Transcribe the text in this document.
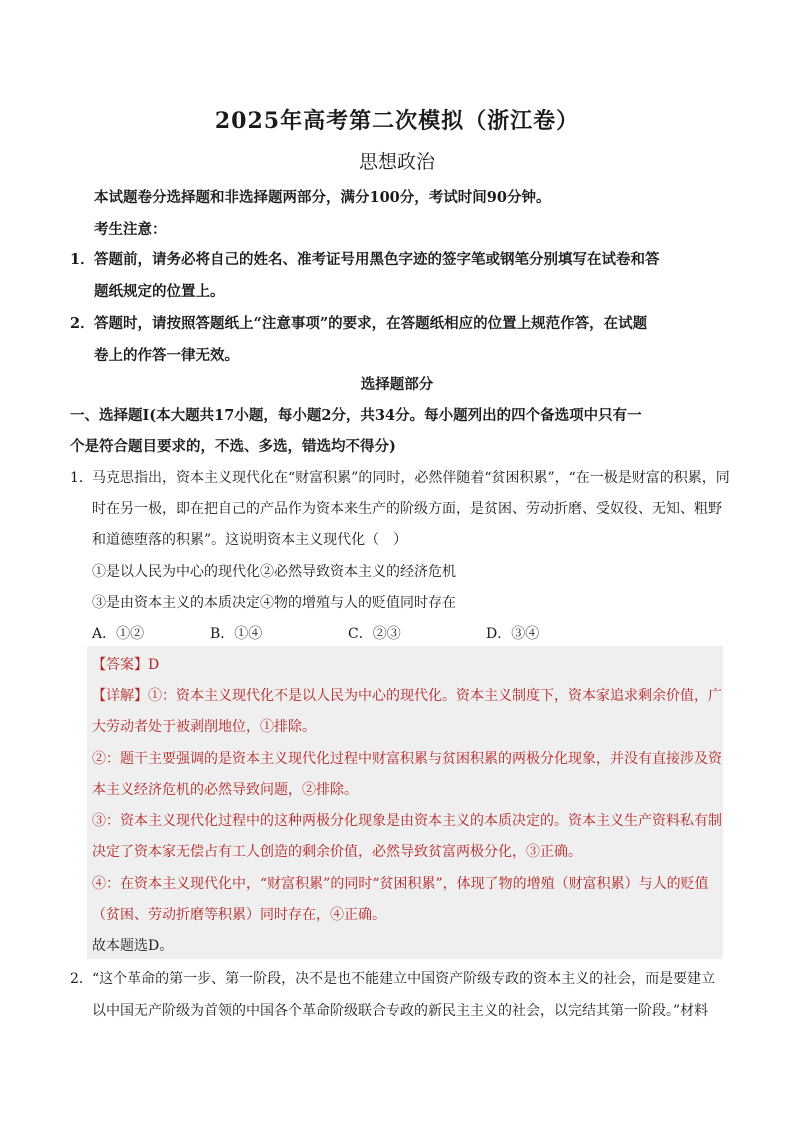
2025年高考第二次模拟（浙江卷）
思想政治
本试题卷分选择题和非选择题两部分，满分100分，考试时间90分钟。
考生注意：
1． 答题前，请务必将自己的姓名、准考证号用黑色字迹的签字笔或钢笔分别填写在试卷和答
题纸规定的位置上。
2． 答题时，请按照答题纸上“注意事项”的要求，在答题纸相应的位置上规范作答，在试题
卷上的作答一律无效。
选择题部分
一、选择题Ⅰ(本大题共17小题，每小题2分，共34分。每小题列出的四个备选项中只有一
个是符合题目要求的，不选、多选，错选均不得分)
1． 马克思指出，资本主义现代化在“财富积累”的同时，必然伴随着“贫困积累”，“在一极是财富的积累，同
时在另一极，即在把自己的产品作为资本来生产的阶级方面，是贫困、劳动折磨、受奴役、无知、粗野
和道德堕落的积累”。这说明资本主义现代化（　）
①是以人民为中心的现代化②必然导致资本主义的经济危机
③是由资本主义的本质决定④物的增殖与人的贬值同时存在
A．①②	B．①④	C．②③	D．③④
【答案】D
【详解】①：资本主义现代化不是以人民为中心的现代化。资本主义制度下，资本家追求剩余价值，广
大劳动者处于被剥削地位，①排除。
②：题干主要强调的是资本主义现代化过程中财富积累与贫困积累的两极分化现象，并没有直接涉及资
本主义经济危机的必然导致问题，②排除。
③：资本主义现代化过程中的这种两极分化现象是由资本主义的本质决定的。资本主义生产资料私有制
决定了资本家无偿占有工人创造的剩余价值，必然导致贫富两极分化，③正确。
④：在资本主义现代化中，“财富积累”的同时“贫困积累”，体现了物的增殖（财富积累）与人的贬值
（贫困、劳动折磨等积累）同时存在，④正确。
故本题选D。
2． “这个革命的第一步、第一阶段，决不是也不能建立中国资产阶级专政的资本主义的社会，而是要建立
以中国无产阶级为首领的中国各个革命阶级联合专政的新民主主义的社会，以完结其第一阶段。”材料
